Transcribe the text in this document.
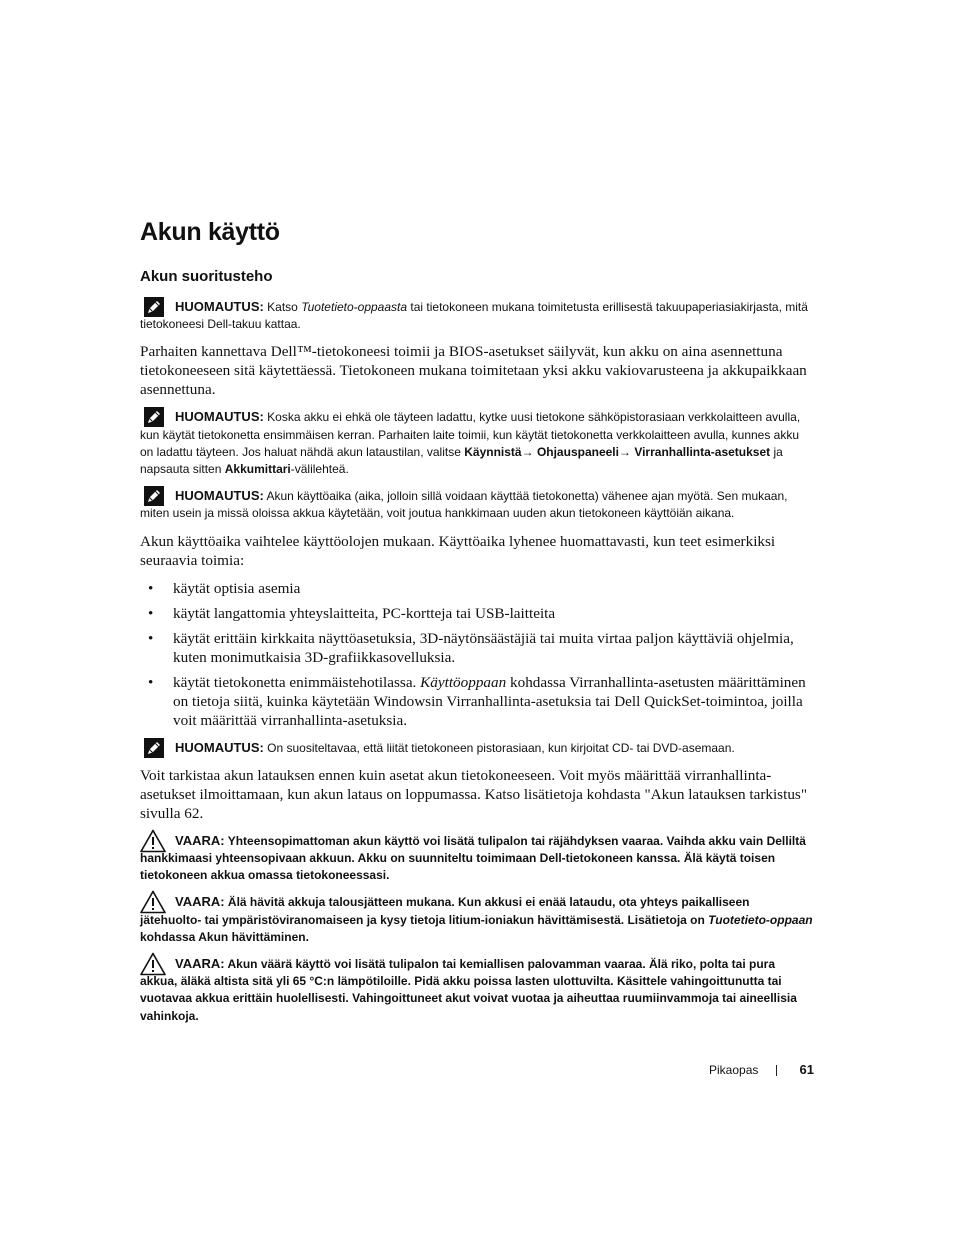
Akun käyttö
Akun suoritusteho
HUOMAUTUS: Katso Tuotetieto-oppaasta tai tietokoneen mukana toimitetusta erillisestä takuupaperiasiakirjasta, mitä tietokoneesi Dell-takuu kattaa.

Parhaiten kannettava Dell™-tietokoneesi toimii ja BIOS-asetukset säilyvät, kun akku on aina asennettuna tietokoneeseen sitä käytettäessä. Tietokoneen mukana toimitetaan yksi akku vakiovarusteena ja akkupaikkaan asennettuna.

HUOMAUTUS: Koska akku ei ehkä ole täyteen ladattu, kytke uusi tietokone sähköpistorasiaan verkkolaitteen avulla, kun käytät tietokonetta ensimmäisen kerran. Parhaiten laite toimii, kun käytät tietokonetta verkkolaitteen avulla, kunnes akku on ladattu täyteen. Jos haluat nähdä akun lataustilan, valitse Käynnistä→ Ohjauspaneeli→ Virranhallinta-asetukset ja napsauta sitten Akkumittari-välilehteä.
HUOMAUTUS: Akun käyttöaika (aika, jolloin sillä voidaan käyttää tietokonetta) vähenee ajan myötä. Sen mukaan, miten usein ja missä oloissa akkua käytetään, voit joutua hankkimaan uuden akun tietokoneen käyttöiän aikana.

Akun käyttöaika vaihtelee käyttöolojen mukaan. Käyttöaika lyhenee huomattavasti, kun teet esimerkiksi seuraavia toimia:

• käytät optisia asemia
• käytät langattomia yhteyslaitteita, PC-kortteja tai USB-laitteita
• käytät erittäin kirkkaita näyttöasetuksia, 3D-näytönsäästäjiä tai muita virtaa paljon käyttäviä ohjelmia, kuten monimutkaisia 3D-grafiikkasovelluksia.
• käytät tietokonetta enimmäistehotilassa. Käyttöoppaan kohdassa Virranhallinta-asetusten määrittäminen on tietoja siitä, kuinka käytetään Windowsin Virranhallinta-asetuksia tai Dell QuickSet-toimintoa, joilla voit määrittää virranhallinta-asetuksia.
HUOMAUTUS: On suositeltavaa, että liität tietokoneen pistorasiaan, kun kirjoitat CD- tai DVD-asemaan.

Voit tarkistaa akun latauksen ennen kuin asetat akun tietokoneeseen. Voit myös määrittää virranhallinta-asetukset ilmoittamaan, kun akun lataus on loppumassa. Katso lisätietoja kohdasta "Akun latauksen tarkistus" sivulla 62.

VAARA: Yhteensopimattoman akun käyttö voi lisätä tulipalon tai räjähdyksen vaaraa. Vaihda akku vain Delliltä hankkimaasi yhteensopivaan akkuun. Akku on suunniteltu toimimaan Dell-tietokoneen kanssa. Älä käytä toisen tietokoneen akkua omassa tietokoneessasi.
VAARA: Älä hävitä akkuja talousjätteen mukana. Kun akkusi ei enää lataudu, ota yhteys paikalliseen jätehuolto- tai ympäristöviranomaiseen ja kysy tietoja litium-ioniakun hävittämisestä. Lisätietoja on Tuotetieto-oppaan kohdassa Akun hävittäminen.
VAARA: Akun väärä käyttö voi lisätä tulipalon tai kemiallisen palovamman vaaraa. Älä riko, polta tai pura akkua, äläkä altista sitä yli 65 °C:n lämpötiloille. Pidä akku poissa lasten ulottuvilta. Käsittele vahingoittunutta tai vuotavaa akkua erittäin huolellisesti. Vahingoittuneet akut voivat vuotaa ja aiheuttaa ruumiinvammoja tai aineellisia vahinkoja.
Pikaopas	61
